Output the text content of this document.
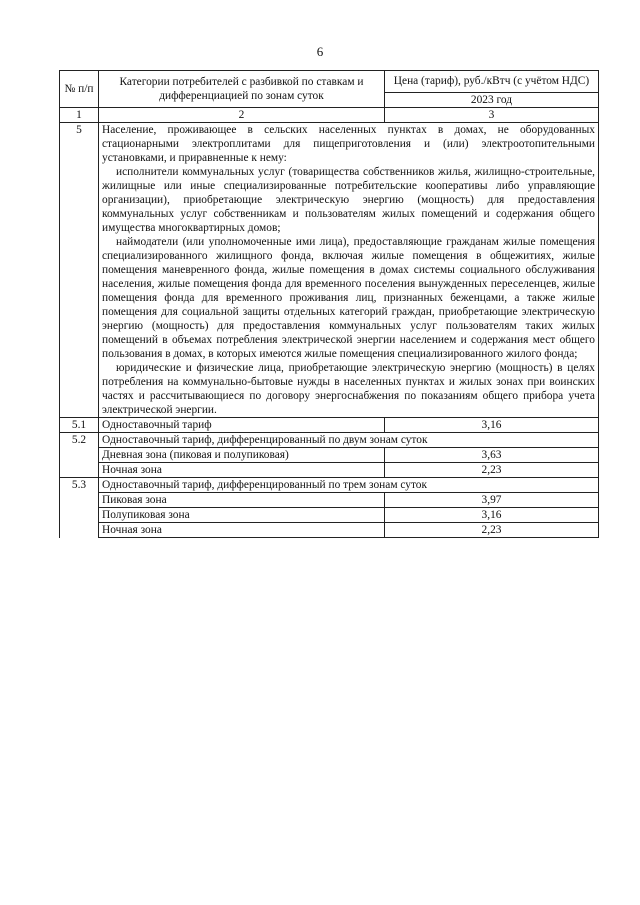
6
№ п/п	Категории потребителей с разбивкой по ставкам и дифференциацией по зонам суток	Цена (тариф), руб./кВтч (с учётом НДС)
		2023 год
1	2	3
5	Население, проживающее в сельских населенных пунктах в домах, не оборудованных стационарными электроплитами для пищеприготовления и (или) электроотопительными установками, и приравненные к нему:

исполнители коммунальных услуг (товарищества собственников жилья, жилищно-строительные, жилищные или иные специализированные потребительские кооперативы либо управляющие организации), приобретающие электрическую энергию (мощность) для предоставления коммунальных услуг собственникам и пользователям жилых помещений и содержания общего имущества многоквартирных домов;

наймодатели (или уполномоченные ими лица), предоставляющие гражданам жилые помещения специализированного жилищного фонда, включая жилые помещения в общежитиях, жилые помещения маневренного фонда, жилые помещения в домах системы социального обслуживания населения, жилые помещения фонда для временного поселения вынужденных переселенцев, жилые помещения фонда для временного проживания лиц, признанных беженцами, а также жилые помещения для социальной защиты отдельных категорий граждан, приобретающие электрическую энергию (мощность) для предоставления коммунальных услуг пользователям таких жилых помещений в объемах потребления электрической энергии населением и содержания мест общего пользования в домах, в которых имеются жилые помещения специализированного жилого фонда;

юридические и физические лица, приобретающие электрическую энергию (мощность) в целях потребления на коммунально-бытовые нужды в населенных пунктах и жилых зонах при воинских частях и рассчитывающиеся по договору энергоснабжения по показаниям общего прибора учета электрической энергии.	

5.1	Одноставочный тариф	3,16
5.2	Одноставочный тариф, дифференцированный по двум зонам суток	
	Дневная зона (пиковая и полупиковая)	3,63
	Ночная зона	2,23
5.3	Одноставочный тариф, дифференцированный по трем зонам суток	
	Пиковая зона	3,97
	Полупиковая зона	3,16
	Ночная зона	2,23
